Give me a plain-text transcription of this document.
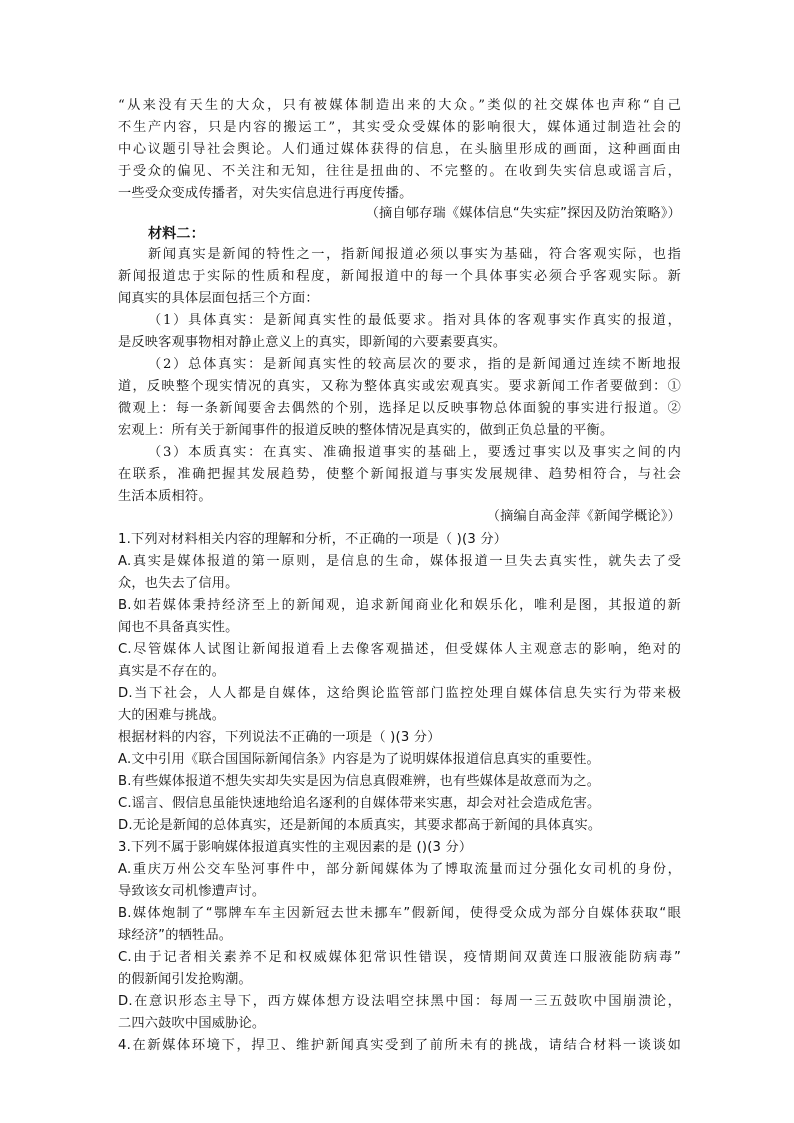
“从来没有天生的大众，只有被媒体制造出来的大众。”类似的社交媒体也声称“自己
不生产内容，只是内容的搬运工”，其实受众受媒体的影响很大，媒体通过制造社会的
中心议题引导社会舆论。人们通过媒体获得的信息，在头脑里形成的画面，这种画面由
于受众的偏见、不关注和无知，往往是扭曲的、不完整的。在收到失实信息或谣言后，
一些受众变成传播者，对失实信息进行再度传播。
（摘自郇存瑞《媒体信息“失实症”探因及防治策略》）
材料二：
新闻真实是新闻的特性之一，指新闻报道必须以事实为基础，符合客观实际，也指
新闻报道忠于实际的性质和程度，新闻报道中的每一个具体事实必须合乎客观实际。新
闻真实的具体层面包括三个方面：
（1）具体真实：是新闻真实性的最低要求。指对具体的客观事实作真实的报道，
是反映客观事物相对静止意义上的真实，即新闻的六要素要真实。
（2）总体真实：是新闻真实性的较高层次的要求，指的是新闻通过连续不断地报
道，反映整个现实情况的真实，又称为整体真实或宏观真实。要求新闻工作者要做到：①
微观上：每一条新闻要舍去偶然的个别，选择足以反映事物总体面貌的事实进行报道。②
宏观上：所有关于新闻事件的报道反映的整体情况是真实的，做到正负总量的平衡。
（3）本质真实：在真实、准确报道事实的基础上，要透过事实以及事实之间的内
在联系，准确把握其发展趋势，使整个新闻报道与事实发展规律、趋势相符合，与社会
生活本质相符。
（摘编自高金萍《新闻学概论》）
1.下列对材料相关内容的理解和分析，不正确的一项是（ )(3 分）
A.真实是媒体报道的第一原则，是信息的生命，媒体报道一旦失去真实性，就失去了受
众，也失去了信用。
B.如若媒体秉持经济至上的新闻观，追求新闻商业化和娱乐化，唯利是图，其报道的新
闻也不具备真实性。
C.尽管媒体人试图让新闻报道看上去像客观描述，但受媒体人主观意志的影响，绝对的
真实是不存在的。
D.当下社会，人人都是自媒体，这给舆论监管部门监控处理自媒体信息失实行为带来极
大的困难与挑战。
根据材料的内容，下列说法不正确的一项是（ )(3 分）
A.文中引用《联合国国际新闻信条》内容是为了说明媒体报道信息真实的重要性。
B.有些媒体报道不想失实却失实是因为信息真假难辨，也有些媒体是故意而为之。
C.谣言、假信息虽能快速地给追名逐利的自媒体带来实惠，却会对社会造成危害。
D.无论是新闻的总体真实，还是新闻的本质真实，其要求都高于新闻的具体真实。
3.下列不属于影响媒体报道真实性的主观因素的是 ()(3 分）
A.重庆万州公交车坠河事件中，部分新闻媒体为了博取流量而过分强化女司机的身份，
导致该女司机惨遭声讨。
B.媒体炮制了“鄂牌车车主因新冠去世未挪车”假新闻，使得受众成为部分自媒体获取“眼
球经济”的牺牲品。
C.由于记者相关素养不足和权威媒体犯常识性错误，疫情期间双黄连口服液能防病毒”
的假新闻引发抢购潮。
D.在意识形态主导下，西方媒体想方设法唱空抹黑中国：每周一三五鼓吹中国崩溃论，
二四六鼓吹中国威胁论。
4.在新媒体环境下，捍卫、维护新闻真实受到了前所未有的挑战，请结合材料一谈谈如
